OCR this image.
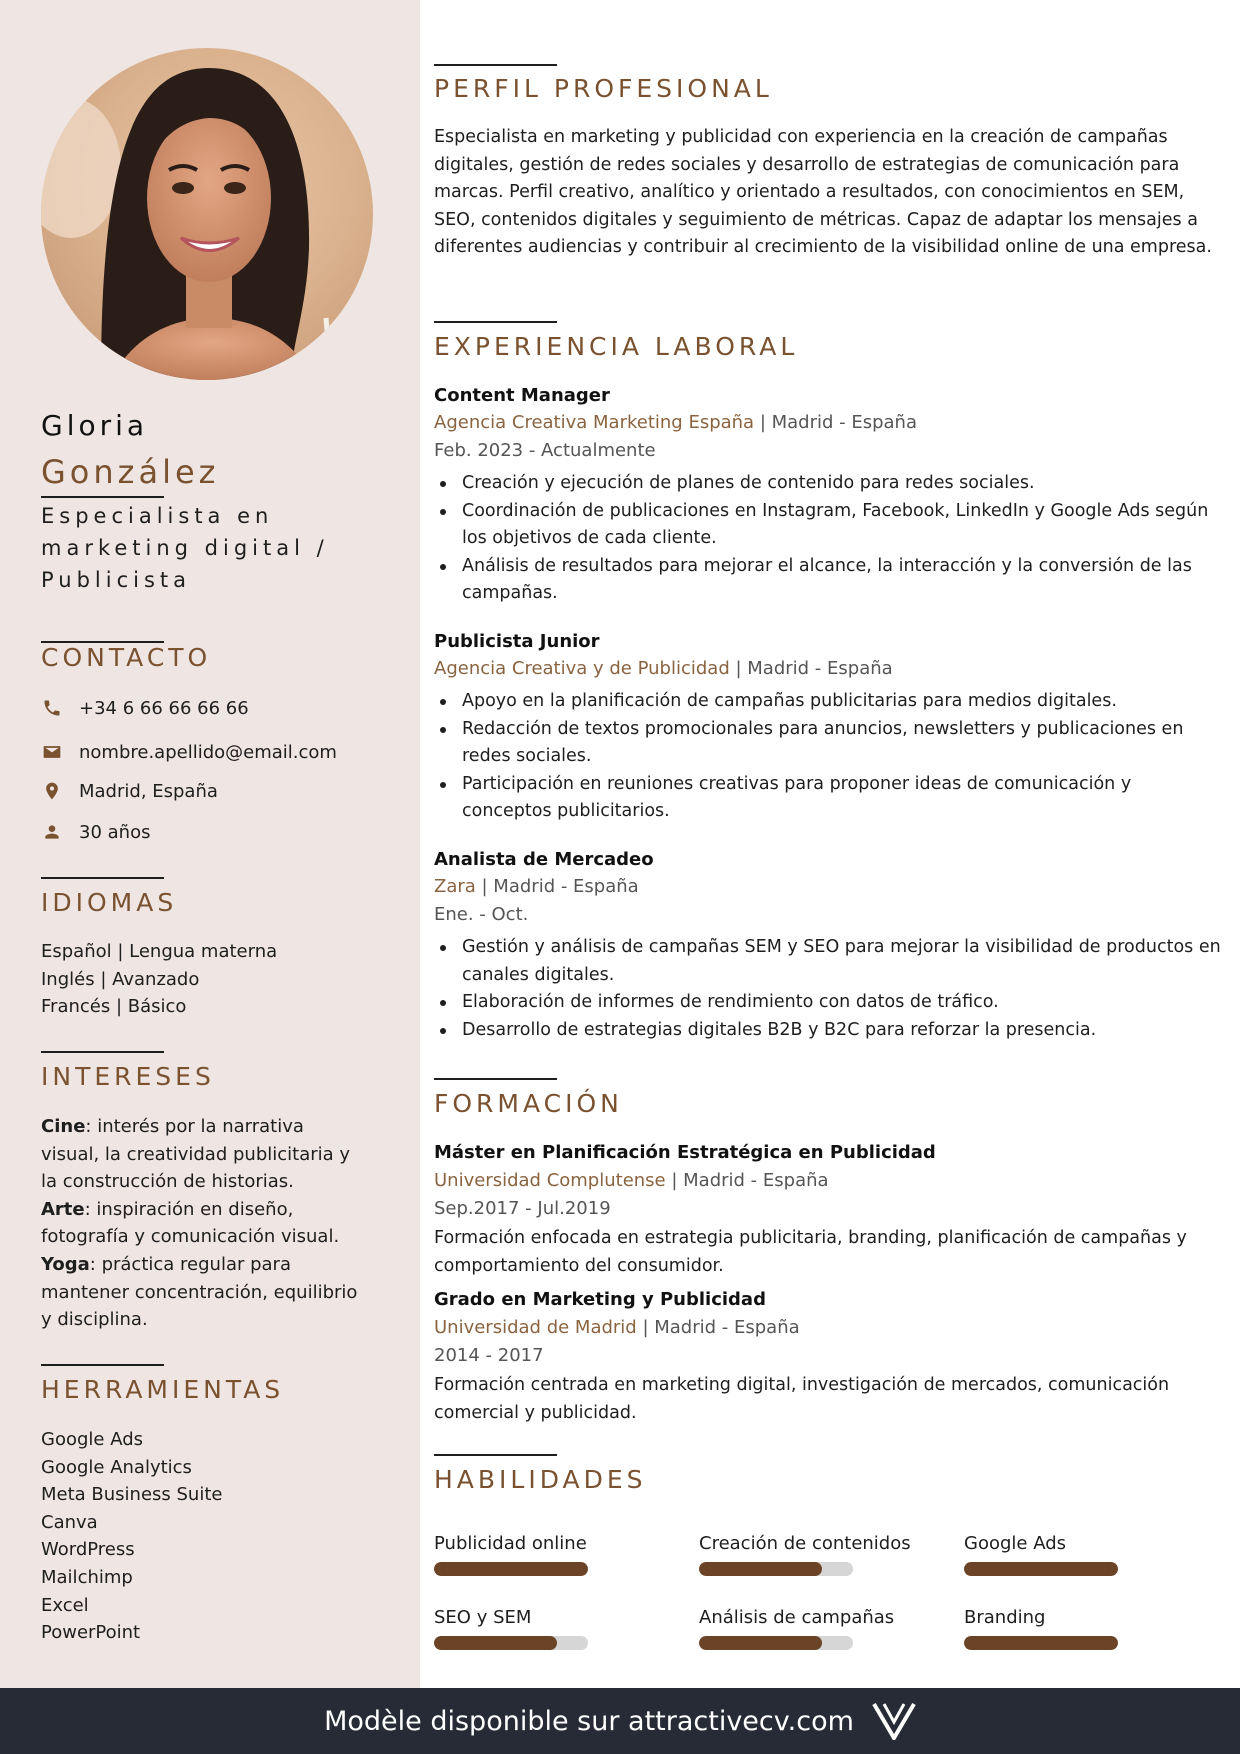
Gloria
González
Especialista en marketing digital / Publicista
CONTACTO
+34 6 66 66 66 66
nombre.apellido@email.com
Madrid, España
30 años
IDIOMAS
Español | Lengua materna
Inglés | Avanzado
Francés | Básico
INTERESES
Cine: interés por la narrativa visual, la creatividad publicitaria y la construcción de historias.
Arte: inspiración en diseño, fotografía y comunicación visual.
Yoga: práctica regular para mantener concentración, equilibrio y disciplina.
HERRAMIENTAS
Google Ads
Google Analytics
Meta Business Suite
Canva
WordPress
Mailchimp
Excel
PowerPoint
PERFIL PROFESIONAL
Especialista en marketing y publicidad con experiencia en la creación de campañas digitales, gestión de redes sociales y desarrollo de estrategias de comunicación para marcas. Perfil creativo, analítico y orientado a resultados, con conocimientos en SEM, SEO, contenidos digitales y seguimiento de métricas. Capaz de adaptar los mensajes a diferentes audiencias y contribuir al crecimiento de la visibilidad online de una empresa.
EXPERIENCIA LABORAL
Content Manager
Agencia Creativa Marketing España | Madrid - España
Feb. 2023 - Actualmente
Creación y ejecución de planes de contenido para redes sociales.
Coordinación de publicaciones en Instagram, Facebook, LinkedIn y Google Ads según los objetivos de cada cliente.
Análisis de resultados para mejorar el alcance, la interacción y la conversión de las campañas.
Publicista Junior
Agencia Creativa y de Publicidad | Madrid - España
Apoyo en la planificación de campañas publicitarias para medios digitales.
Redacción de textos promocionales para anuncios, newsletters y publicaciones en redes sociales.
Participación en reuniones creativas para proponer ideas de comunicación y conceptos publicitarios.
Analista de Mercadeo
Zara | Madrid - España
Ene. - Oct.
Gestión y análisis de campañas SEM y SEO para mejorar la visibilidad de productos en canales digitales.
Elaboración de informes de rendimiento con datos de tráfico.
Desarrollo de estrategias digitales B2B y B2C para reforzar la presencia.
FORMACIÓN
Máster en Planificación Estratégica en Publicidad
Universidad Complutense | Madrid - España
Sep.2017 - Jul.2019
Formación enfocada en estrategia publicitaria, branding, planificación de campañas y comportamiento del consumidor.
Grado en Marketing y Publicidad
Universidad de Madrid | Madrid - España
2014 - 2017
Formación centrada en marketing digital, investigación de mercados, comunicación comercial y publicidad.
HABILIDADES
Publicidad online	Creación de contenidos	Google Ads
SEO y SEM	Análisis de campañas	Branding
Modèle disponible sur attractivecv.com
